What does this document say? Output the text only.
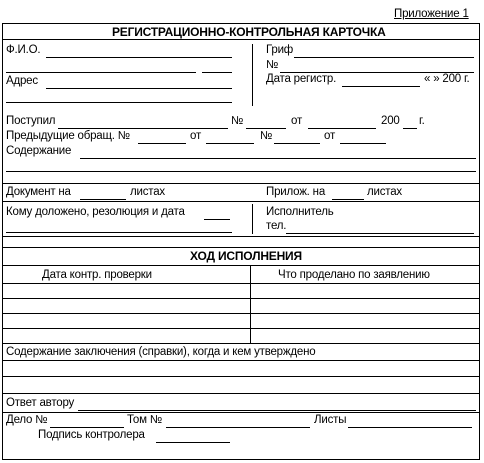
Приложение 1
РЕГИСТРАЦИОННО-КОНТРОЛЬНАЯ КАРТОЧКА
Ф.И.О.
Адрес
Гриф
№
Дата регистр.	« » 200 г.
Поступил	№	от	200 г.
Предыдущие обращ. №	от	№	от
Содержание
Документ на	листах	Прилож. на	листах
Кому доложено, резолюция и дата	Исполнитель
тел.
ХОД ИСПОЛНЕНИЯ
Дата контр. проверки	Что проделано по заявлению
Содержание заключения (справки), когда и кем утверждено
Ответ автору
Дело №	Том №	Листы
Подпись контролера
